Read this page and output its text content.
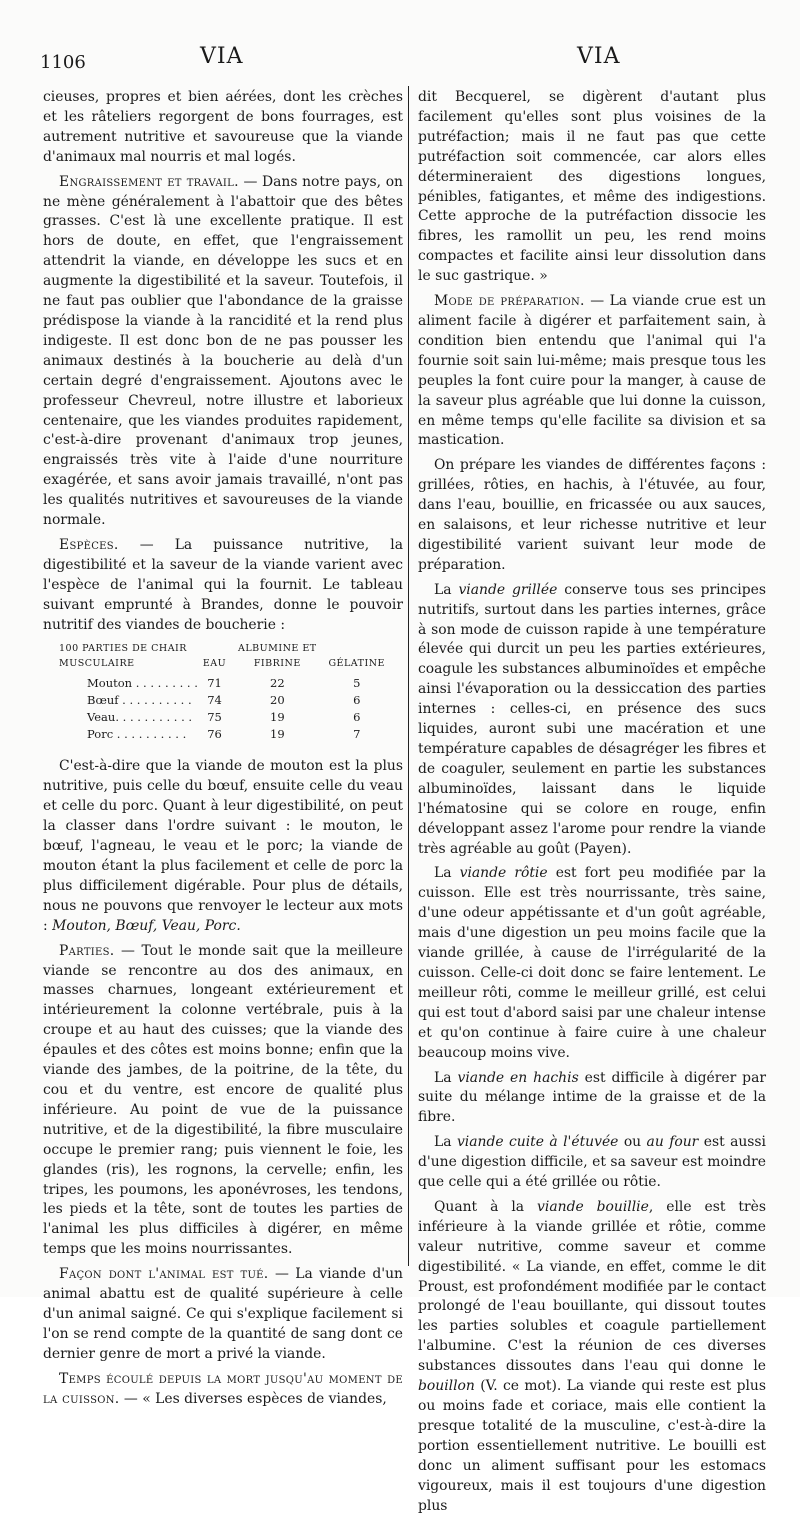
1106	VIA	VIA

cieuses, propres et bien aérées, dont les crèches et les râteliers regorgent de bons fourrages, est autrement nutritive et savoureuse que la viande d'animaux mal nourris et mal logés.

Engraissement et travail. — Dans notre pays, on ne mène généralement à l'abattoir que des bêtes grasses. C'est là une excellente pratique. Il est hors de doute, en effet, que l'engraissement attendrit la viande, en développe les sucs et en augmente la digestibilité et la saveur. Toutefois, il ne faut pas oublier que l'abondance de la graisse prédispose la viande à la rancidité et la rend plus indigeste. Il est donc bon de ne pas pousser les animaux destinés à la boucherie au delà d'un certain degré d'engraissement. Ajoutons avec le professeur Chevreul, notre illustre et laborieux centenaire, que les viandes produites rapidement, c'est-à-dire provenant d'animaux trop jeunes, engraissés très vite à l'aide d'une nourriture exagérée, et sans avoir jamais travaillé, n'ont pas les qualités nutritives et savoureuses de la viande normale.

Espèces. — La puissance nutritive, la digestibilité et la saveur de la viande varient avec l'espèce de l'animal qui la fournit. Le tableau suivant emprunté à Brandes, donne le pouvoir nutritif des viandes de boucherie :

100 PARTIES DE CHAIR MUSCULAIRE	EAU	ALBUMINE ET FIBRINE	GÉLATINE
Mouton . . . . . . . . .	71	22	5
Bœuf . . . . . . . . . .	74	20	6
Veau. . . . . . . . . . .	75	19	6
Porc . . . . . . . . . .	76	19	7

C'est-à-dire que la viande de mouton est la plus nutritive, puis celle du bœuf, ensuite celle du veau et celle du porc. Quant à leur digestibilité, on peut la classer dans l'ordre suivant : le mouton, le bœuf, l'agneau, le veau et le porc; la viande de mouton étant la plus facilement et celle de porc la plus difficilement digérable. Pour plus de détails, nous ne pouvons que renvoyer le lecteur aux mots : Mouton, Bœuf, Veau, Porc.

Parties. — Tout le monde sait que la meilleure viande se rencontre au dos des animaux, en masses charnues, longeant extérieurement et intérieurement la colonne vertébrale, puis à la croupe et au haut des cuisses; que la viande des épaules et des côtes est moins bonne; enfin que la viande des jambes, de la poitrine, de la tête, du cou et du ventre, est encore de qualité plus inférieure. Au point de vue de la puissance nutritive, et de la digestibilité, la fibre musculaire occupe le premier rang; puis viennent le foie, les glandes (ris), les rognons, la cervelle; enfin, les tripes, les poumons, les aponévroses, les tendons, les pieds et la tête, sont de toutes les parties de l'animal les plus difficiles à digérer, en même temps que les moins nourrissantes.

Façon dont l'animal est tué. — La viande d'un animal abattu est de qualité supérieure à celle d'un animal saigné. Ce qui s'explique facilement si l'on se rend compte de la quantité de sang dont ce dernier genre de mort a privé la viande.

Temps écoulé depuis la mort jusqu'au moment de la cuisson. — « Les diverses espèces de viandes,

dit Becquerel, se digèrent d'autant plus facilement qu'elles sont plus voisines de la putréfaction; mais il ne faut pas que cette putréfaction soit commencée, car alors elles détermineraient des digestions longues, pénibles, fatigantes, et même des indigestions. Cette approche de la putréfaction dissocie les fibres, les ramollit un peu, les rend moins compactes et facilite ainsi leur dissolution dans le suc gastrique. »

Mode de préparation. — La viande crue est un aliment facile à digérer et parfaitement sain, à condition bien entendu que l'animal qui l'a fournie soit sain lui-même; mais presque tous les peuples la font cuire pour la manger, à cause de la saveur plus agréable que lui donne la cuisson, en même temps qu'elle facilite sa division et sa mastication.

On prépare les viandes de différentes façons : grillées, rôties, en hachis, à l'étuvée, au four, dans l'eau, bouillie, en fricassée ou aux sauces, en salaisons, et leur richesse nutritive et leur digestibilité varient suivant leur mode de préparation.

La viande grillée conserve tous ses principes nutritifs, surtout dans les parties internes, grâce à son mode de cuisson rapide à une température élevée qui durcit un peu les parties extérieures, coagule les substances albuminoïdes et empêche ainsi l'évaporation ou la dessiccation des parties internes : celles-ci, en présence des sucs liquides, auront subi une macération et une température capables de désagréger les fibres et de coaguler, seulement en partie les substances albuminoïdes, laissant dans le liquide l'hématosine qui se colore en rouge, enfin développant assez l'arome pour rendre la viande très agréable au goût (Payen).

La viande rôtie est fort peu modifiée par la cuisson. Elle est très nourrissante, très saine, d'une odeur appétissante et d'un goût agréable, mais d'une digestion un peu moins facile que la viande grillée, à cause de l'irrégularité de la cuisson. Celle-ci doit donc se faire lentement. Le meilleur rôti, comme le meilleur grillé, est celui qui est tout d'abord saisi par une chaleur intense et qu'on continue à faire cuire à une chaleur beaucoup moins vive.

La viande en hachis est difficile à digérer par suite du mélange intime de la graisse et de la fibre.

La viande cuite à l'étuvée ou au four est aussi d'une digestion difficile, et sa saveur est moindre que celle qui a été grillée ou rôtie.

Quant à la viande bouillie, elle est très inférieure à la viande grillée et rôtie, comme valeur nutritive, comme saveur et comme digestibilité. « La viande, en effet, comme le dit Proust, est profondément modifiée par le contact prolongé de l'eau bouillante, qui dissout toutes les parties solubles et coagule partiellement l'albumine. C'est la réunion de ces diverses substances dissoutes dans l'eau qui donne le bouillon (V. ce mot). La viande qui reste est plus ou moins fade et coriace, mais elle contient la presque totalité de la musculine, c'est-à-dire la portion essentiellement nutritive. Le bouilli est donc un aliment suffisant pour les estomacs vigoureux, mais il est toujours d'une digestion plus
